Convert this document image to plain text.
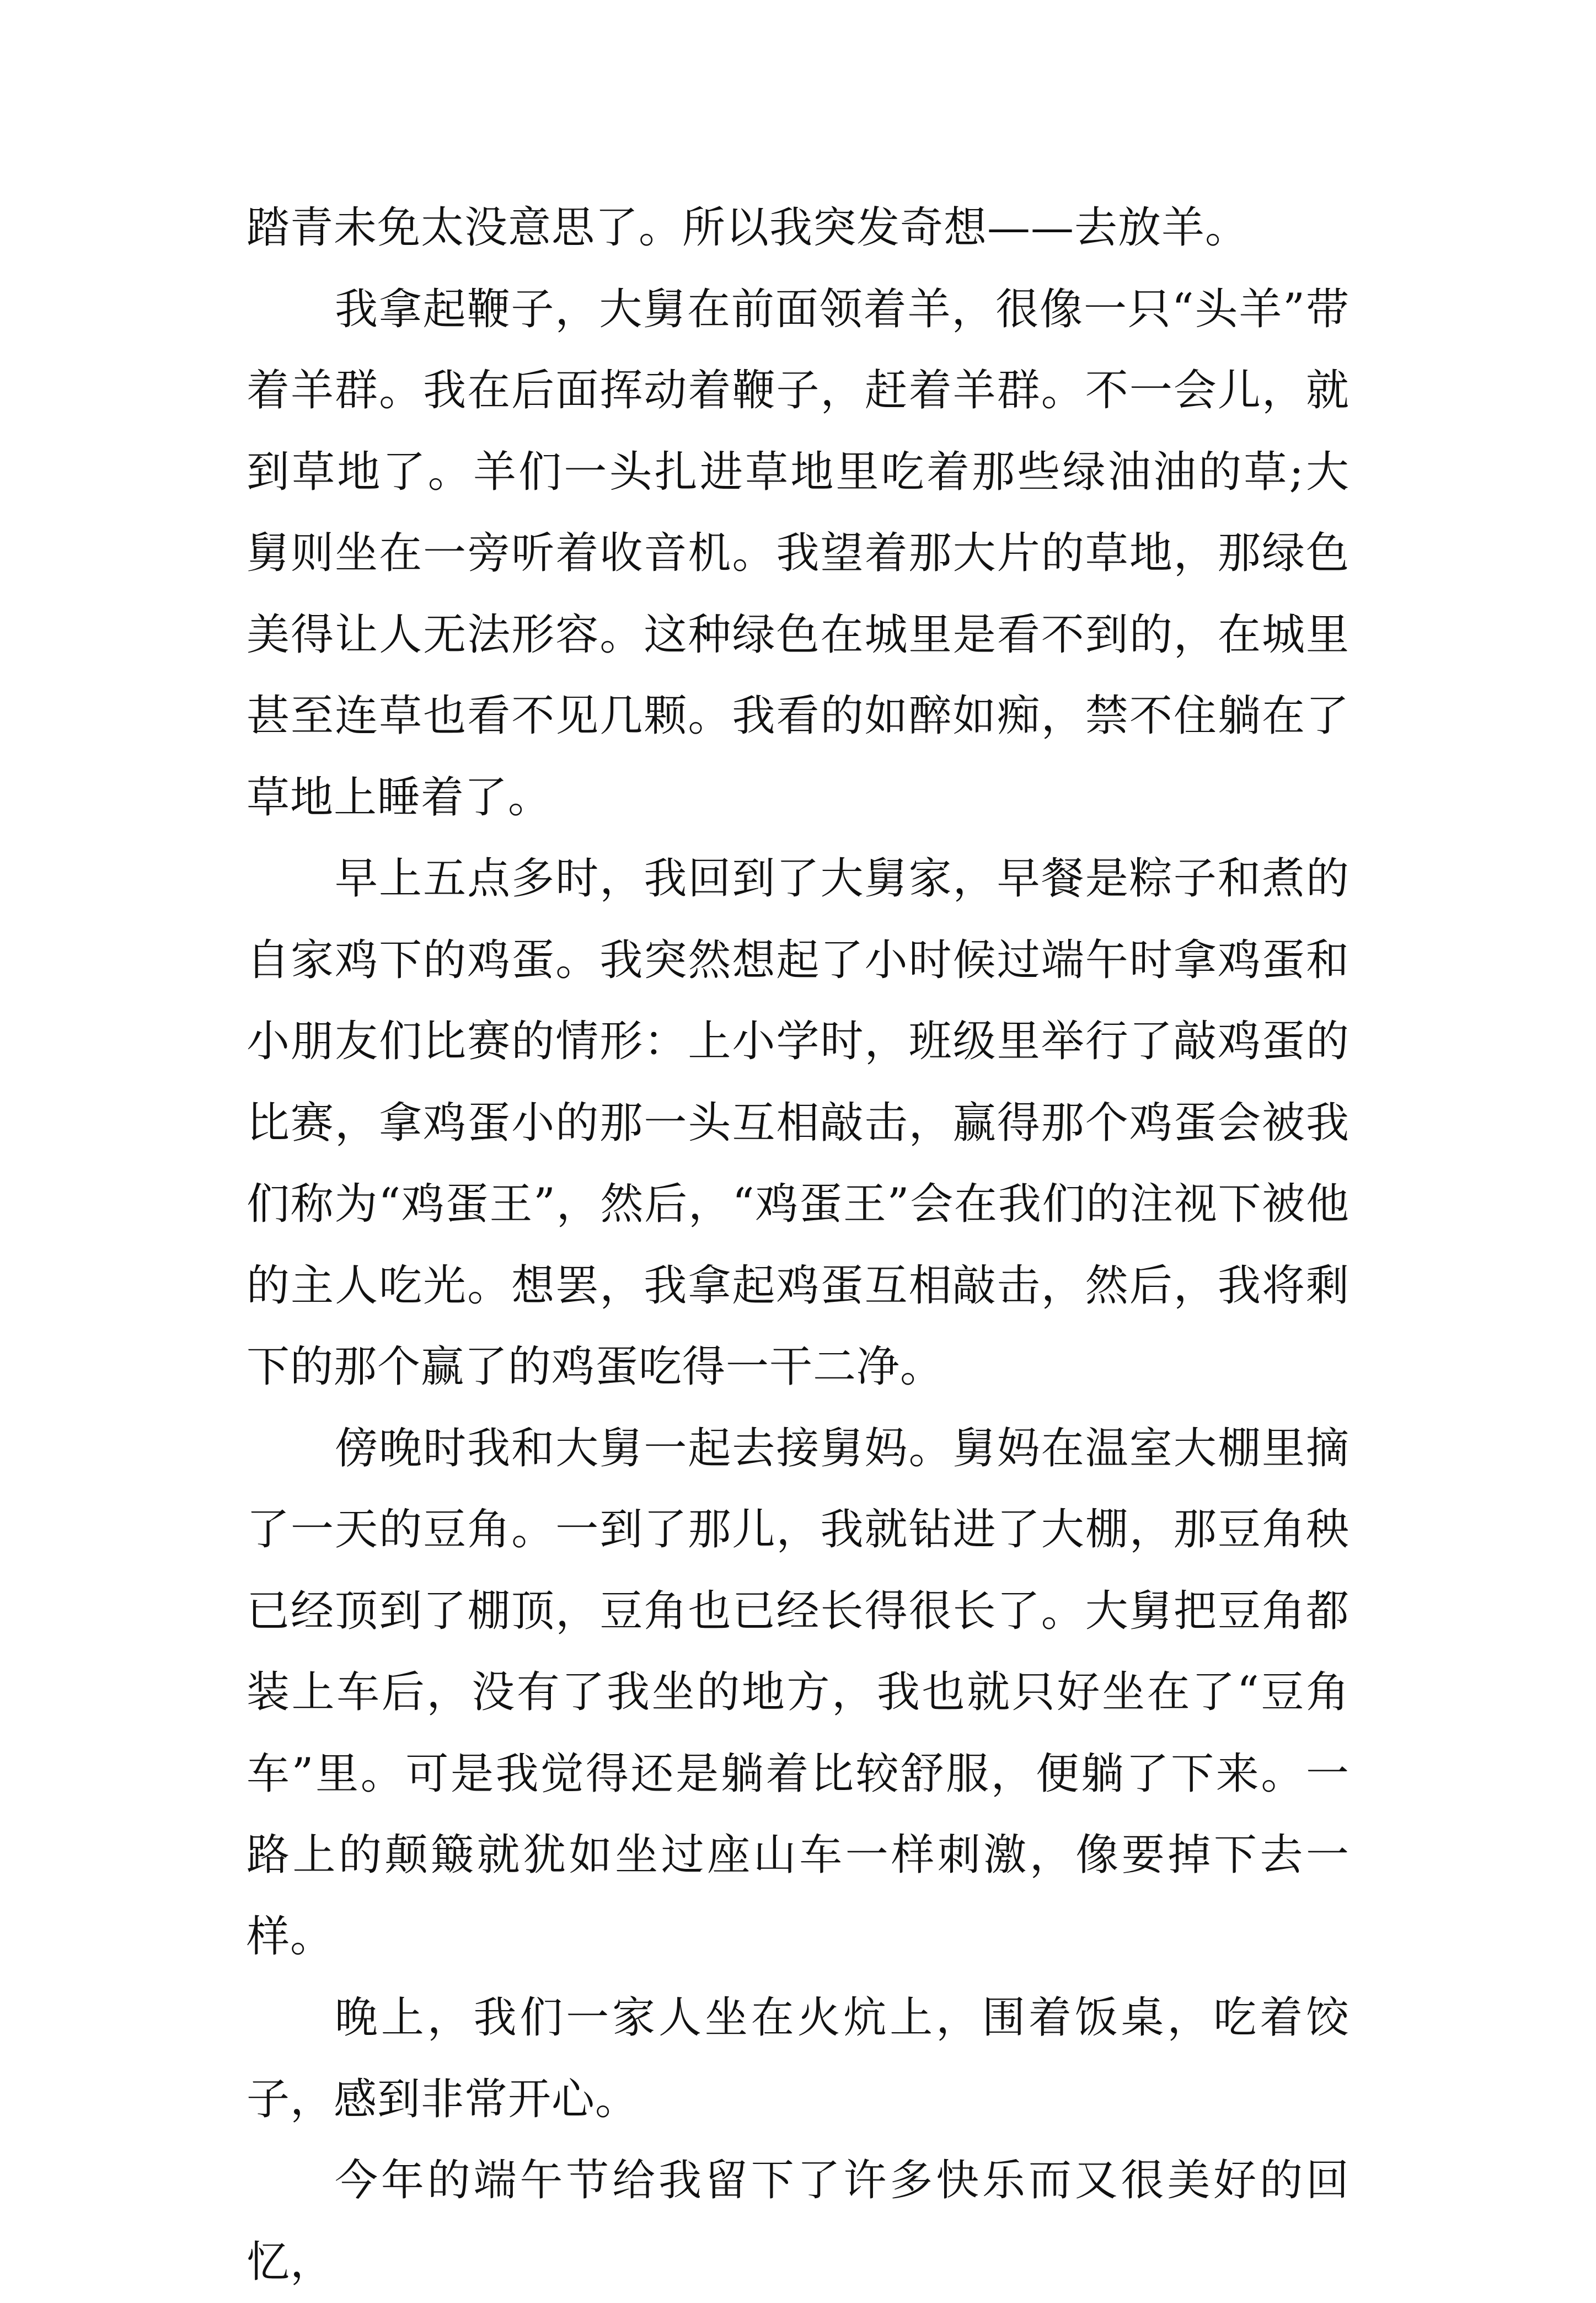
踏青未免太没意思了。所以我突发奇想——去放羊。

我拿起鞭子，大舅在前面领着羊，很像一只“头羊”带着羊群。我在后面挥动着鞭子，赶着羊群。不一会儿，就到草地了。羊们一头扎进草地里吃着那些绿油油的草;大舅则坐在一旁听着收音机。我望着那大片的草地，那绿色美得让人无法形容。这种绿色在城里是看不到的，在城里甚至连草也看不见几颗。我看的如醉如痴，禁不住躺在了草地上睡着了。

早上五点多时，我回到了大舅家，早餐是粽子和煮的自家鸡下的鸡蛋。我突然想起了小时候过端午时拿鸡蛋和小朋友们比赛的情形：上小学时，班级里举行了敲鸡蛋的比赛，拿鸡蛋小的那一头互相敲击，赢得那个鸡蛋会被我们称为“鸡蛋王”，然后，“鸡蛋王”会在我们的注视下被他的主人吃光。想罢，我拿起鸡蛋互相敲击，然后，我将剩下的那个赢了的鸡蛋吃得一干二净。

傍晚时我和大舅一起去接舅妈。舅妈在温室大棚里摘了一天的豆角。一到了那儿，我就钻进了大棚，那豆角秧已经顶到了棚顶，豆角也已经长得很长了。大舅把豆角都装上车后，没有了我坐的地方，我也就只好坐在了“豆角车”里。可是我觉得还是躺着比较舒服，便躺了下来。一路上的颠簸就犹如坐过座山车一样刺激，像要掉下去一样。

晚上，我们一家人坐在火炕上，围着饭桌，吃着饺子，感到非常开心。

今年的端午节给我留下了许多快乐而又很美好的回忆，
